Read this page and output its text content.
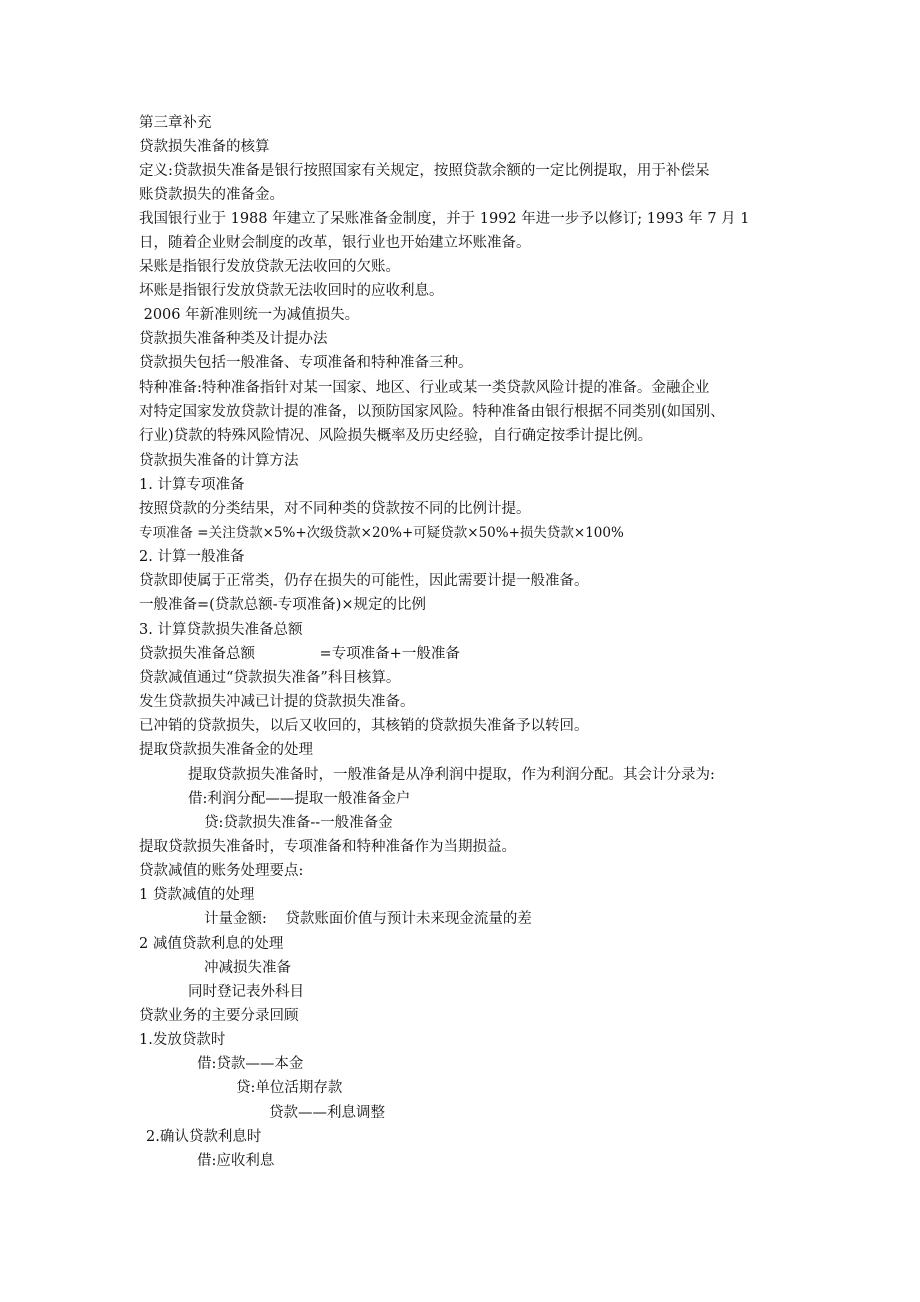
第三章补充
贷款损失准备的核算
定义:贷款损失准备是银行按照国家有关规定，按照贷款余额的一定比例提取，用于补偿呆
账贷款损失的准备金。
我国银行业于 1988 年建立了呆账准备金制度，并于 1992 年进一步予以修订; 1993 年 7 月 1
日，随着企业财会制度的改革，银行业也开始建立坏账准备。
呆账是指银行发放贷款无法收回的欠账。
坏账是指银行发放贷款无法收回时的应收利息。
2006 年新准则统一为减值损失。
贷款损失准备种类及计提办法
贷款损失包括一般准备、专项准备和特种准备三种。
特种准备:特种准备指针对某一国家、地区、行业或某一类贷款风险计提的准备。金融企业
对特定国家发放贷款计提的准备，以预防国家风险。特种准备由银行根据不同类别(如国别、
行业)贷款的特殊风险情况、风险损失概率及历史经验，自行确定按季计提比例。
贷款损失准备的计算方法
1. 计算专项准备
按照贷款的分类结果，对不同种类的贷款按不同的比例计提。
专项准备 =关注贷款×5%+次级贷款×20%+可疑贷款×50%+损失贷款×100%
2. 计算一般准备
贷款即使属于正常类，仍存在损失的可能性，因此需要计提一般准备。
一般准备=(贷款总额-专项准备)×规定的比例
3. 计算贷款损失准备总额
贷款损失准备总额              =专项准备+一般准备
贷款减值通过“贷款损失准备”科目核算。
发生贷款损失冲减已计提的贷款损失准备。
已冲销的贷款损失，以后又收回的，其核销的贷款损失准备予以转回。
提取贷款损失准备金的处理
提取贷款损失准备时，一般准备是从净利润中提取，作为利润分配。其会计分录为:
借:利润分配——提取一般准备金户
贷:贷款损失准备--一般准备金
提取贷款损失准备时，专项准备和特种准备作为当期损益。
贷款减值的账务处理要点:
1 贷款减值的处理
计量金额:    贷款账面价值与预计未来现金流量的差
2 减值贷款利息的处理
冲减损失准备
同时登记表外科目
贷款业务的主要分录回顾
1.发放贷款时
借:贷款——本金
贷:单位活期存款
贷款——利息调整
2.确认贷款利息时
借:应收利息
